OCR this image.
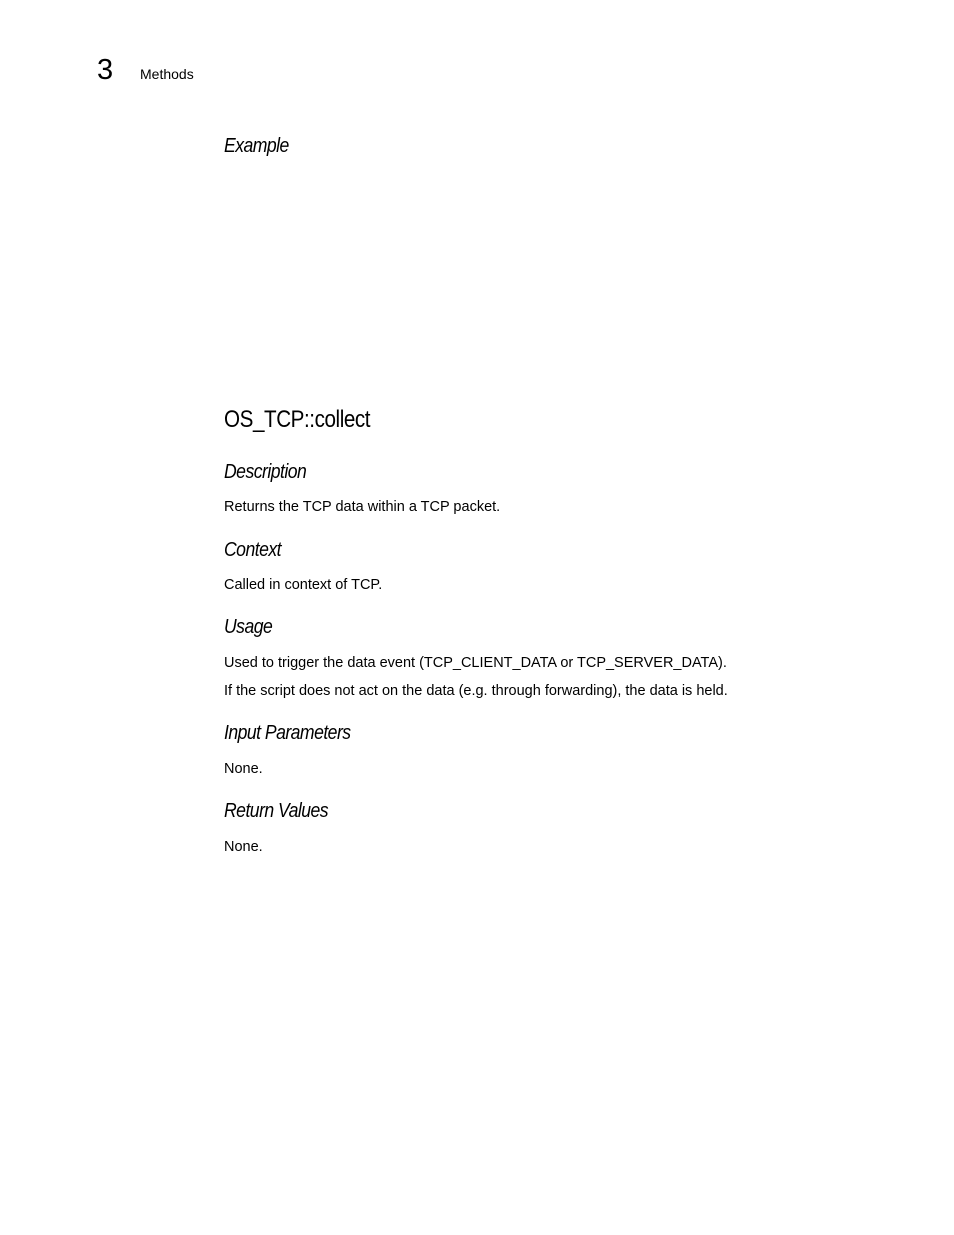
3 Methods
Example
OS_TCP::collect
Description
Returns the TCP data within a TCP packet.
Context
Called in context of TCP.
Usage
Used to trigger the data event (TCP_CLIENT_DATA or TCP_SERVER_DATA).
If the script does not act on the data (e.g. through forwarding), the data is held.
Input Parameters
None.
Return Values
None.
